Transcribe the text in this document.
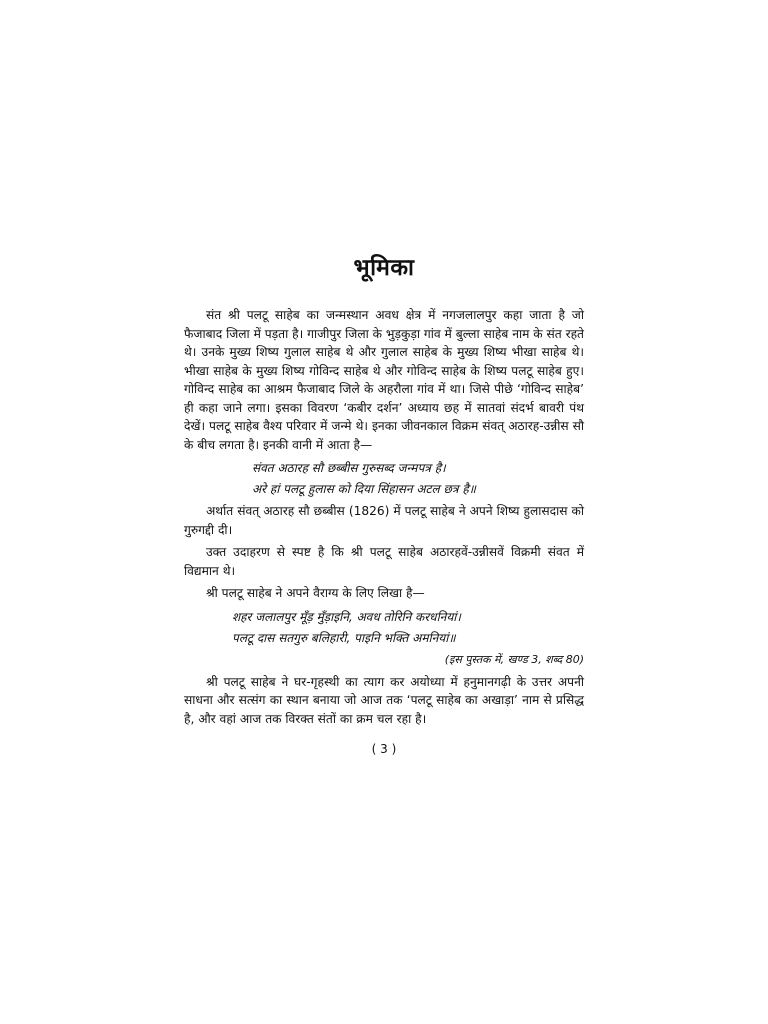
भूमिका

संत श्री पलटू साहेब का जन्मस्थान अवध क्षेत्र में नगजलालपुर कहा जाता है जो फैजाबाद जिला में पड़ता है। गाजीपुर जिला के भुड़कुड़ा गांव में बुल्ला साहेब नाम के संत रहते थे। उनके मुख्य शिष्य गुलाल साहेब थे और गुलाल साहेब के मुख्य शिष्य भीखा साहेब थे। भीखा साहेब के मुख्य शिष्य गोविन्द साहेब थे और गोविन्द साहेब के शिष्य पलटू साहेब हुए। गोविन्द साहेब का आश्रम फैजाबाद जिले के अहरौला गांव में था। जिसे पीछे ‘गोविन्द साहेब’ ही कहा जाने लगा। इसका विवरण ‘कबीर दर्शन’ अध्याय छह में सातवां संदर्भ बावरी पंथ देखें। पलटू साहेब वैश्य परिवार में जन्मे थे। इनका जीवनकाल विक्रम संवत् अठारह-उन्नीस सौ के बीच लगता है। इनकी वानी में आता है—

संवत अठारह सौ छब्बीस गुरुसब्द जन्मपत्र है।
अरे हां पलटू हुलास को दिया सिंहासन अटल छत्र है॥

अर्थात संवत् अठारह सौ छब्बीस (1826) में पलटू साहेब ने अपने शिष्य हुलासदास को गुरुगद्दी दी।

उक्त उदाहरण से स्पष्ट है कि श्री पलटू साहेब अठारहवें-उन्नीसवें विक्रमी संवत में विद्यमान थे।

श्री पलटू साहेब ने अपने वैराग्य के लिए लिखा है—

शहर जलालपुर मूँड़ मुँड़ाइनि, अवध तोरिनि करधनियां।
पलटू दास सतगुरु बलिहारी, पाइनि भक्ति अमनियां॥
(इस पुस्तक में, खण्ड 3, शब्द 80)

श्री पलटू साहेब ने घर-गृहस्थी का त्याग कर अयोध्या में हनुमानगढ़ी के उत्तर अपनी साधना और सत्संग का स्थान बनाया जो आज तक ‘पलटू साहेब का अखाड़ा’ नाम से प्रसिद्ध है, और वहां आज तक विरक्त संतों का क्रम चल रहा है।

( 3 )
